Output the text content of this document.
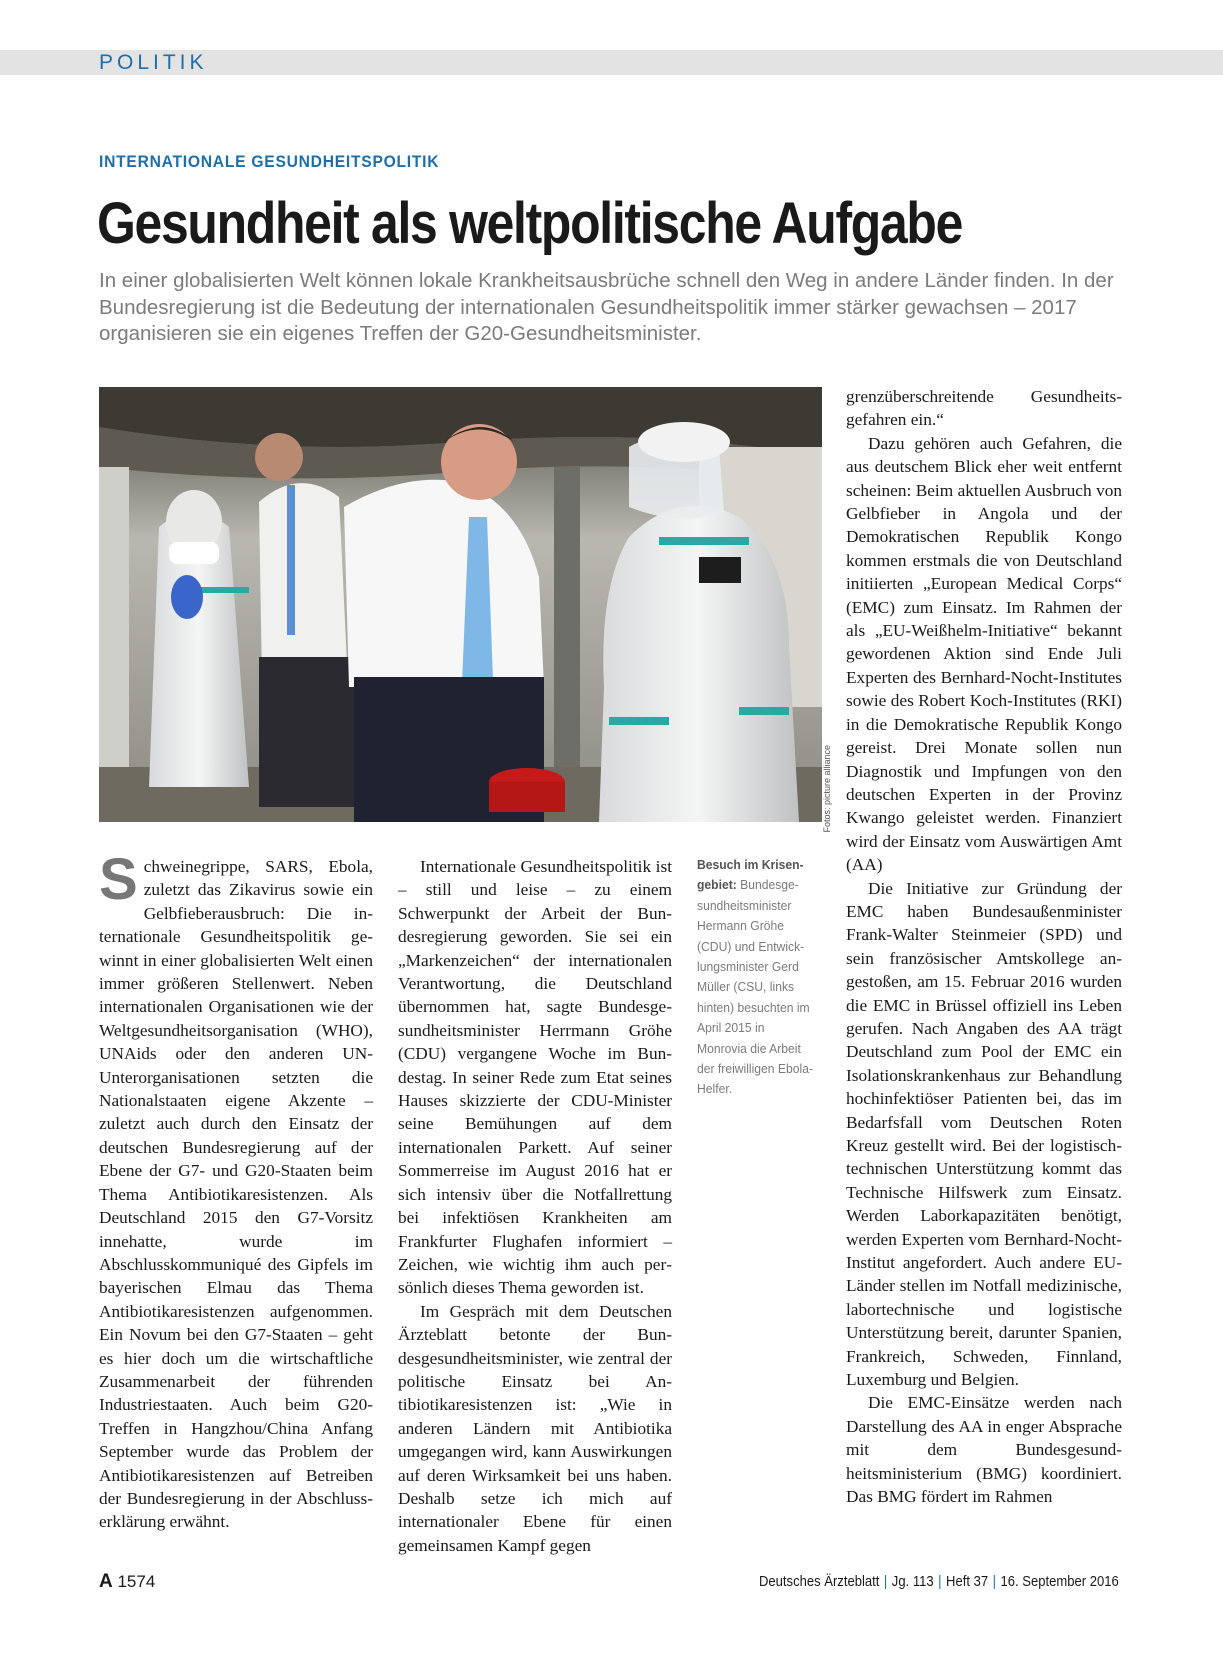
POLITIK
INTERNATIONALE GESUNDHEITSPOLITIK
Gesundheit als weltpolitische Aufgabe

In einer globalisierten Welt können lokale Krankheitsausbrüche schnell den Weg in andere Länder finden. In der Bundesregierung ist die Bedeutung der internationalen Gesundheitspolitik immer stärker gewachsen – 2017 organisieren sie ein eigenes Treffen der G20-Gesundheitsminister.

Fotos: picture alliance

Schweinegrippe, SARS, Ebola, zuletzt das Zikavirus sowie ein Gelbfieberausbruch: Die internationale Gesundheitspolitik gewinnt in einer globalisierten Welt einen immer größeren Stellenwert. Neben internationalen Organisationen wie der Weltgesundheitsorganisation (WHO), UNAids oder den anderen UN-Unterorganisationen setzten die Nationalstaaten eigene Akzente – zuletzt auch durch den Einsatz der deutschen Bundesregierung auf der Ebene der G7- und G20-Staaten beim Thema Antibiotikaresistenzen. Als Deutschland 2015 den G7-Vorsitz innehatte, wurde im Abschlusskommuniqué des Gipfels im bayerischen Elmau das Thema Antibiotikaresistenzen aufgenommen. Ein Novum bei den G7-Staaten – geht es hier doch um die wirtschaftliche Zusammenarbeit der führenden Industriestaaten. Auch beim G20-Treffen in Hangzhou/China Anfang September wurde das Problem der Antibiotikaresistenzen auf Betreiben der Bundesregierung in der Abschlusserklärung erwähnt.

Internationale Gesundheitspolitik ist – still und leise – zu einem Schwerpunkt der Arbeit der Bundesregierung geworden. Sie sei ein „Markenzeichen“ der internationalen Verantwortung, die Deutschland übernommen hat, sagte Bundesgesundheitsminister Herrmann Gröhe (CDU) vergangene Woche im Bundestag. In seiner Rede zum Etat seines Hauses skizzierte der CDU-Minister seine Bemühungen auf dem internationalen Parkett. Auf seiner Sommerreise im August 2016 hat er sich intensiv über die Notfallrettung bei infektiösen Krankheiten am Frankfurter Flughafen informiert – Zeichen, wie wichtig ihm auch persönlich dieses Thema geworden ist.

Im Gespräch mit dem Deutschen Ärzteblatt betonte der Bundesgesundheitsminister, wie zentral der politische Einsatz bei Antibiotikaresistenzen ist: „Wie in anderen Ländern mit Antibiotika umgegangen wird, kann Auswirkungen auf deren Wirksamkeit bei uns haben. Deshalb setze ich mich auf internationaler Ebene für einen gemeinsamen Kampf gegen

Besuch im Krisengebiet: Bundesgesundheitsminister Hermann Gröhe (CDU) und Entwicklungsminister Gerd Müller (CSU, links hinten) besuchten im April 2015 in Monrovia die Arbeit der freiwilligen Ebola-Helfer.

grenzüberschreitende Gesundheitsgefahren ein.“

Dazu gehören auch Gefahren, die aus deutschem Blick eher weit entfernt scheinen: Beim aktuellen Ausbruch von Gelbfieber in Angola und der Demokratischen Republik Kongo kommen erstmals die von Deutschland initiierten „European Medical Corps“ (EMC) zum Einsatz. Im Rahmen der als „EU-Weißhelm-Initiative“ bekannt gewordenen Aktion sind Ende Juli Experten des Bernhard-Nocht-Institutes sowie des Robert Koch-Institutes (RKI) in die Demokratische Republik Kongo gereist. Drei Monate sollen nun Diagnostik und Impfungen von den deutschen Experten in der Provinz Kwango geleistet werden. Finanziert wird der Einsatz vom Auswärtigen Amt (AA)

Die Initiative zur Gründung der EMC haben Bundesaußenminister Frank-Walter Steinmeier (SPD) und sein französischer Amtskollege angestoßen, am 15. Februar 2016 wurden die EMC in Brüssel offiziell ins Leben gerufen. Nach Angaben des AA trägt Deutschland zum Pool der EMC ein Isolationskrankenhaus zur Behandlung hochinfektiöser Patienten bei, das im Bedarfsfall vom Deutschen Roten Kreuz gestellt wird. Bei der logistisch-technischen Unterstützung kommt das Technische Hilfswerk zum Einsatz. Werden Laborkapazitäten benötigt, werden Experten vom Bernhard-Nocht-Institut angefordert. Auch andere EU-Länder stellen im Notfall medizinische, labortechnische und logistische Unterstützung bereit, darunter Spanien, Frankreich, Schweden, Finnland, Luxemburg und Belgien.

Die EMC-Einsätze werden nach Darstellung des AA in enger Absprache mit dem Bundesgesundheitsministerium (BMG) koordiniert. Das BMG fördert im Rahmen

A 1574	Deutsches Ärzteblatt | Jg. 113 | Heft 37 | 16. September 2016
